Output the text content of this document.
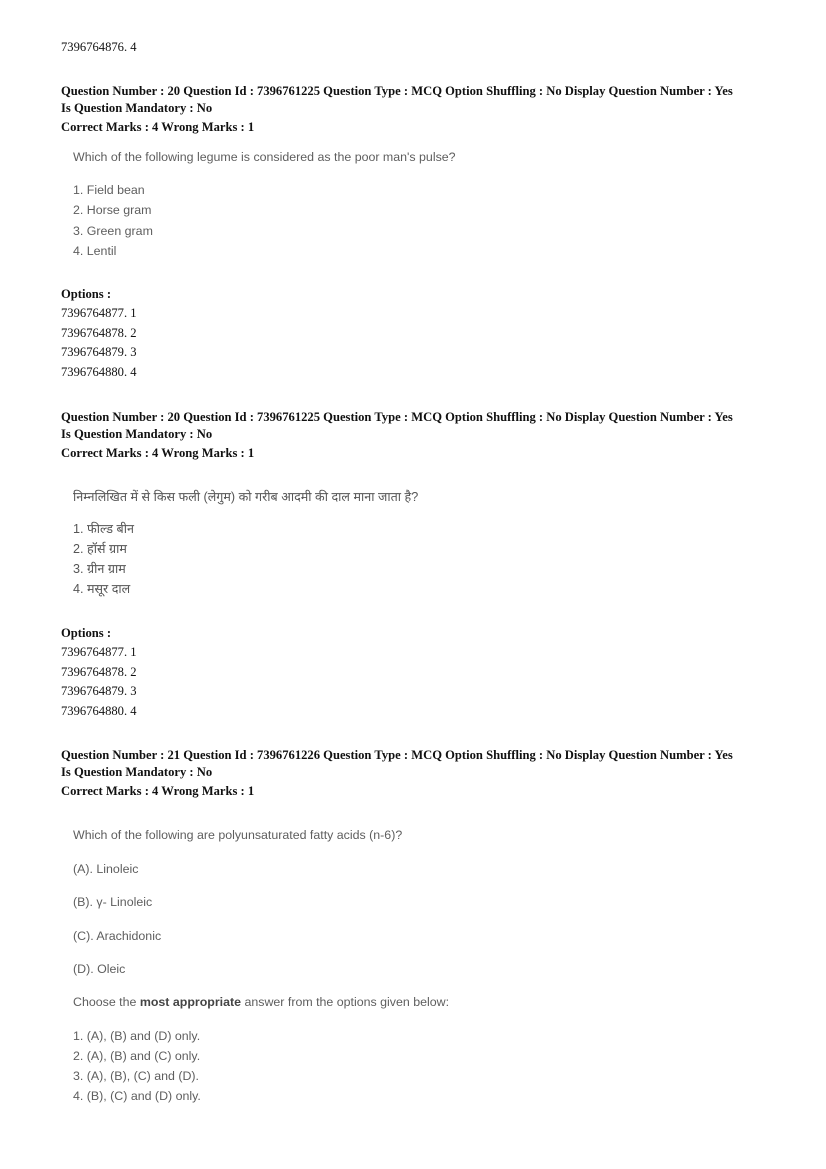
7396764876. 4
Question Number : 20 Question Id : 7396761225 Question Type : MCQ Option Shuffling : No Display Question Number : Yes
Is Question Mandatory : No
Correct Marks : 4 Wrong Marks : 1
Which of the following legume is considered as the poor man's pulse?
1. Field bean
2. Horse gram
3. Green gram
4. Lentil
Options :
7396764877. 1
7396764878. 2
7396764879. 3
7396764880. 4
Question Number : 20 Question Id : 7396761225 Question Type : MCQ Option Shuffling : No Display Question Number : Yes
Is Question Mandatory : No
Correct Marks : 4 Wrong Marks : 1
निम्नलिखित में से किस फली (लेगुम) को गरीब आदमी की दाल माना जाता है?
1. फील्ड बीन
2. हॉर्स ग्राम
3. ग्रीन ग्राम
4. मसूर दाल
Options :
7396764877. 1
7396764878. 2
7396764879. 3
7396764880. 4
Question Number : 21 Question Id : 7396761226 Question Type : MCQ Option Shuffling : No Display Question Number : Yes
Is Question Mandatory : No
Correct Marks : 4 Wrong Marks : 1
Which of the following are polyunsaturated fatty acids (n-6)?
(A). Linoleic
(B). γ- Linoleic
(C). Arachidonic
(D). Oleic
Choose the most appropriate answer from the options given below:
1. (A), (B) and (D) only.
2. (A), (B) and (C) only.
3. (A), (B), (C) and (D).
4. (B), (C) and (D) only.
